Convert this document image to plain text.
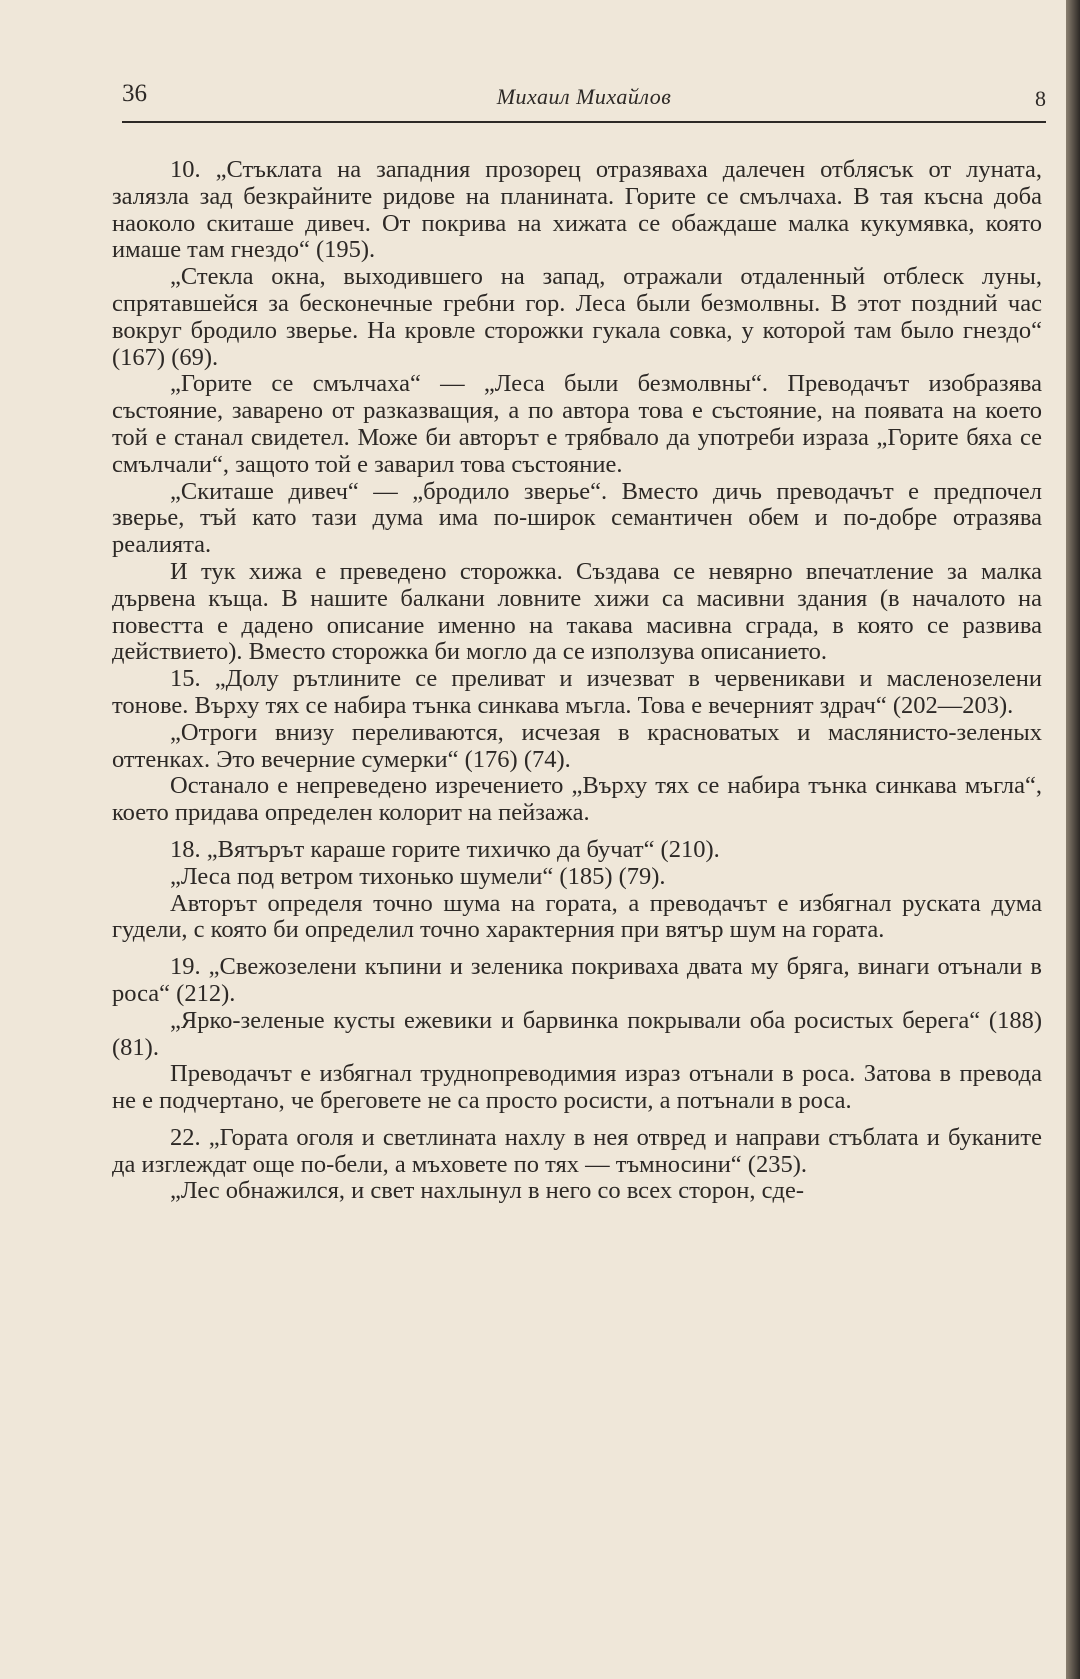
36	Михаил Михайлов	8

10. „Стъклата на западния прозорец отразяваха далечен отблясък от луната, залязла зад безкрайните ридове на планината. Горите се смълчаха. В тая късна доба наоколо скиташе дивеч. От покрива на хижата се обаждаше малка кукумявка, която имаше там гнездо“ (195).

„Стекла окна, выходившего на запад, отражали отдаленный отблеск луны, спрятавшейся за бесконечные гребни гор. Леса были безмолвны. В этот поздний час вокруг бродило зверье. На кровле сторожки гукала совка, у которой там было гнездо“ (167) (69).

„Горите се смълчаха“ — „Леса были безмолвны“. Преводачът изобразява състояние, заварено от разказващия, а по автора това е състояние, на появата на което той е станал свидетел. Може би авторът е трябвало да употреби израза „Горите бяха се смълчали“, защото той е заварил това състояние.

„Скиташе дивеч“ — „бродило зверье“. Вместо дичь преводачът е предпочел зверье, тъй като тази дума има по-широк семантичен обем и по-добре отразява реалията.

И тук хижа е преведено сторожка. Създава се невярно впечатление за малка дървена къща. В нашите балкани ловните хижи са масивни здания (в началото на повестта е дадено описание именно на такава масивна сграда, в която се развива действието). Вместо сторожка би могло да се използува описанието.

15. „Долу рътлините се преливат и изчезват в червеникави и масленозелени тонове. Върху тях се набира тънка синкава мъгла. Това е вечерният здрач“ (202—203).

„Отроги внизу переливаются, исчезая в красноватых и маслянисто-зеленых оттенках. Это вечерние сумерки“ (176) (74).

Останало е непреведено изречението „Върху тях се набира тънка синкава мъгла“, което придава определен колорит на пейзажа.

18. „Вятърът караше горите тихичко да бучат“ (210).

„Леса под ветром тихонько шумели“ (185) (79).

Авторът определя точно шума на гората, а преводачът е избягнал руската дума гудели, с която би определил точно характерния при вятър шум на гората.

19. „Свежозелени къпини и зеленика покриваха двата му бряга, винаги отънали в роса“ (212).

„Ярко-зеленые кусты ежевики и барвинка покрывали оба росистых берега“ (188) (81).

Преводачът е избягнал труднопреводимия израз отънали в роса. Затова в превода не е подчертано, че бреговете не са просто росисти, а потънали в роса.

22. „Гората оголя и светлината нахлу в нея отвред и направи стъблата и буканите да изглеждат още по-бели, а мъховете по тях — тъмносини“ (235).

„Лес обнажился, и свет нахлынул в него со всех сторон, сде-
